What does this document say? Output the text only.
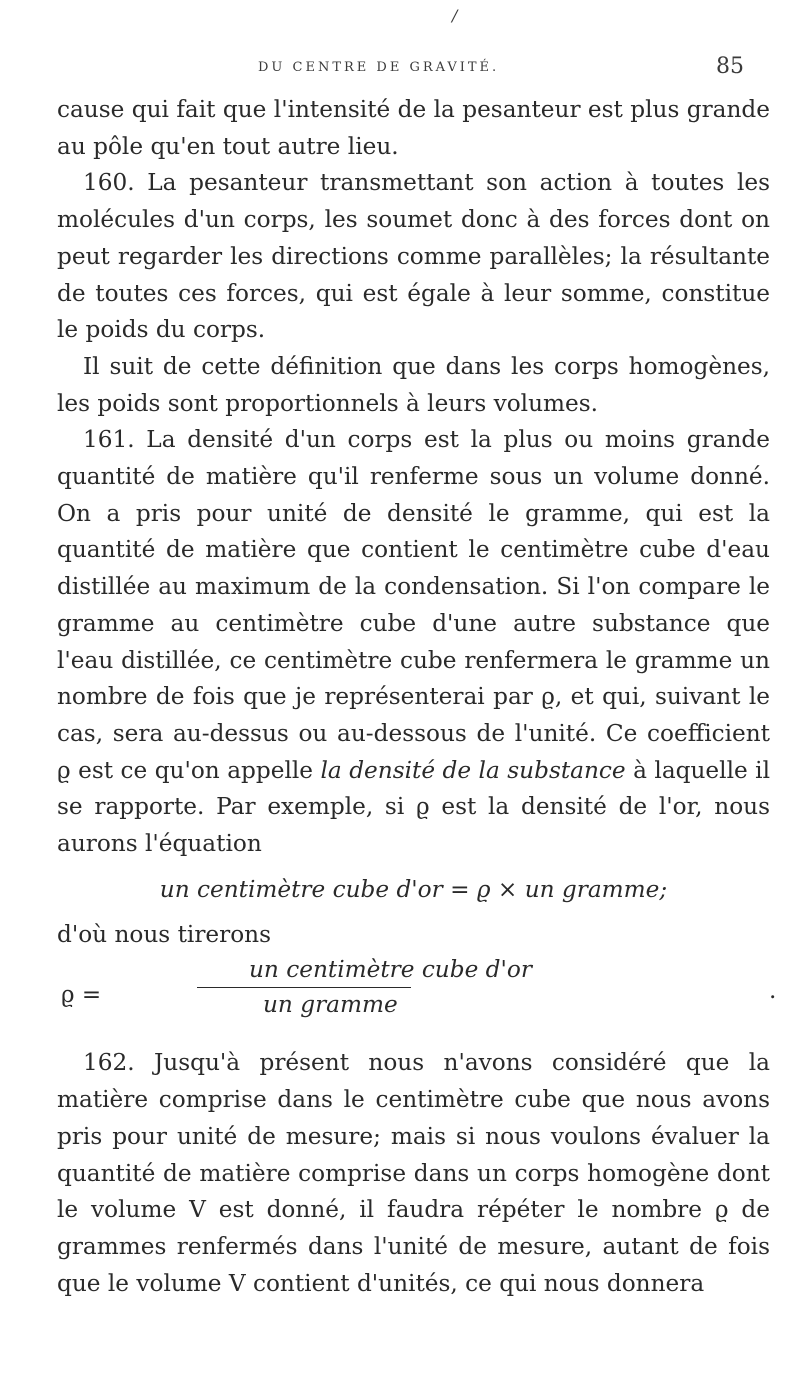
/
DU CENTRE DE GRAVITÉ.	85

cause qui fait que l'intensité de la pesanteur est plus grande au pôle qu'en tout autre lieu.

160. La pesanteur transmettant son action à toutes les molécules d'un corps, les soumet donc à des forces dont on peut regarder les directions comme parallèles; la résultante de toutes ces forces, qui est égale à leur somme, constitue le poids du corps.

Il suit de cette définition que dans les corps homogènes, les poids sont proportionnels à leurs volumes.

161. La densité d'un corps est la plus ou moins grande quantité de matière qu'il renferme sous un volume donné. On a pris pour unité de densité le gramme, qui est la quantité de matière que contient le centimètre cube d'eau distillée au maximum de la condensation. Si l'on compare le gramme au centimètre cube d'une autre substance que l'eau distillée, ce centimètre cube renfermera le gramme un nombre de fois que je représenterai par ϱ, et qui, suivant le cas, sera au-dessus ou au-dessous de l'unité. Ce coefficient ϱ est ce qu'on appelle la densité de la substance à laquelle il se rapporte. Par exemple, si ϱ est la densité de l'or, nous aurons l'équation

un centimètre cube d'or = ϱ × un gramme;

d'où nous tirerons

ϱ =
un centimètre cube d'or
un gramme
.

162. Jusqu'à présent nous n'avons considéré que la matière comprise dans le centimètre cube que nous avons pris pour unité de mesure; mais si nous voulons évaluer la quantité de matière comprise dans un corps homogène dont le volume V est donné, il faudra répéter le nombre ϱ de grammes renfermés dans l'unité de mesure, autant de fois que le volume V contient d'unités, ce qui nous donnera
